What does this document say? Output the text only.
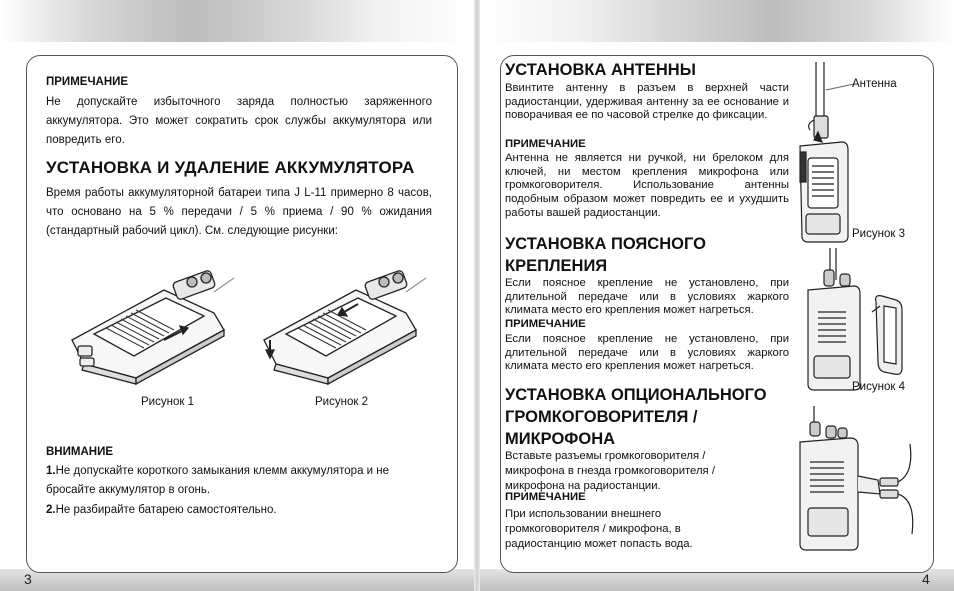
ПРИМЕЧАНИЕ
Не допускайте избыточного заряда полностью заряженного аккумулятора. Это может сократить срок службы аккумулятора или повредить его.
УСТАНОВКА И УДАЛЕНИЕ АККУМУЛЯТОРА
Время работы аккумуляторной батареи типа J L-11 примерно 8 часов, что основано на 5 % передачи / 5 % приема / 90 % ожидания (стандартный рабочий цикл). См. следующие рисунки:
Рисунок 1	Рисунок 2
ВНИМАНИЕ
1.Не допускайте короткого замыкания клемм аккумулятора и не бросайте аккумулятор в огонь.
2.Не разбирайте батарею самостоятельно.
3
УСТАНОВКА АНТЕННЫ
Ввинтите антенну в разъем в верхней части радиостанции, удерживая антенну за ее основание и поворачивая ее по часовой стрелке до фиксации.
ПРИМЕЧАНИЕ
Антенна не является ни ручкой, ни брелоком для ключей, ни местом крепления микрофона или громкоговорителя. Использование антенны подобным образом может повредить ее и ухудшить работы вашей радиостанции.
УСТАНОВКА ПОЯСНОГО КРЕПЛЕНИЯ
Если поясное крепление не установлено, при длительной передаче или в условиях жаркого климата место его крепления может нагреться.
ПРИМЕЧАНИЕ
Если поясное крепление не установлено, при длительной передаче или в условиях жаркого климата место его крепления может нагреться.
УСТАНОВКА ОПЦИОНАЛЬНОГО ГРОМКОГОВОРИТЕЛЯ / МИКРОФОНА
Вставьте разъемы громкоговорителя / микрофона в гнезда громкоговорителя / микрофона на радиостанции.
ПРИМЕЧАНИЕ
При использовании внешнего громкоговорителя / микрофона, в радиостанцию может попасть вода.
Антенна
Рисунок 3
Рисунок 4
4
